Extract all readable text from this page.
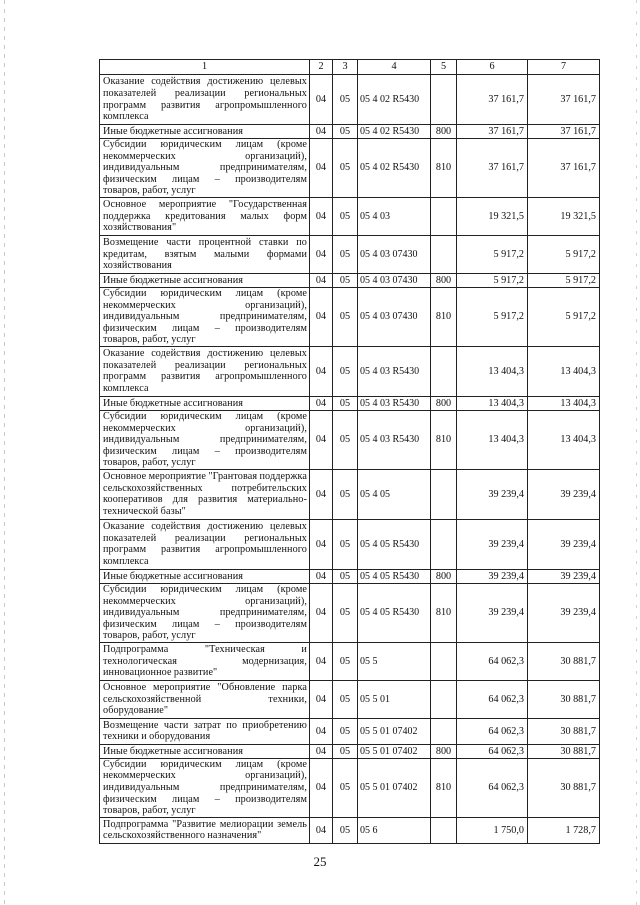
1	2	3	4	5	6	7
Оказание содействия достижению целевых показателей реализации региональных программ развития агропромышленного комплекса	04	05	05 4 02 R5430		37 161,7	37 161,7
Иные бюджетные ассигнования	04	05	05 4 02 R5430	800	37 161,7	37 161,7
Субсидии юридическим лицам (кроме некоммерческих организаций), индивидуальным предпринимателям, физическим лицам – производителям товаров, работ, услуг	04	05	05 4 02 R5430	810	37 161,7	37 161,7
Основное мероприятие "Государственная поддержка кредитования малых форм хозяйствования"	04	05	05 4 03		19 321,5	19 321,5
Возмещение части процентной ставки по кредитам, взятым малыми формами хозяйствования	04	05	05 4 03 07430		5 917,2	5 917,2
Иные бюджетные ассигнования	04	05	05 4 03 07430	800	5 917,2	5 917,2
Субсидии юридическим лицам (кроме некоммерческих организаций), индивидуальным предпринимателям, физическим лицам – производителям товаров, работ, услуг	04	05	05 4 03 07430	810	5 917,2	5 917,2
Оказание содействия достижению целевых показателей реализации региональных программ развития агропромышленного комплекса	04	05	05 4 03 R5430		13 404,3	13 404,3
Иные бюджетные ассигнования	04	05	05 4 03 R5430	800	13 404,3	13 404,3
Субсидии юридическим лицам (кроме некоммерческих организаций), индивидуальным предпринимателям, физическим лицам – производителям товаров, работ, услуг	04	05	05 4 03 R5430	810	13 404,3	13 404,3
Основное мероприятие "Грантовая поддержка сельскохозяйственных потребительских кооперативов для развития материально-технической базы"	04	05	05 4 05		39 239,4	39 239,4
Оказание содействия достижению целевых показателей реализации региональных программ развития агропромышленного комплекса	04	05	05 4 05 R5430		39 239,4	39 239,4
Иные бюджетные ассигнования	04	05	05 4 05 R5430	800	39 239,4	39 239,4
Субсидии юридическим лицам (кроме некоммерческих организаций), индивидуальным предпринимателям, физическим лицам – производителям товаров, работ, услуг	04	05	05 4 05 R5430	810	39 239,4	39 239,4
Подпрограмма "Техническая и технологическая модернизация, инновационное развитие"	04	05	05 5		64 062,3	30 881,7
Основное мероприятие "Обновление парка сельскохозяйственной техники, оборудование"	04	05	05 5 01		64 062,3	30 881,7
Возмещение части затрат по приобретению техники и оборудования	04	05	05 5 01 07402		64 062,3	30 881,7
Иные бюджетные ассигнования	04	05	05 5 01 07402	800	64 062,3	30 881,7
Субсидии юридическим лицам (кроме некоммерческих организаций), индивидуальным предпринимателям, физическим лицам – производителям товаров, работ, услуг	04	05	05 5 01 07402	810	64 062,3	30 881,7
Подпрограмма "Развитие мелиорации земель сельскохозяйственного назначения"	04	05	05 6		1 750,0	1 728,7
25
